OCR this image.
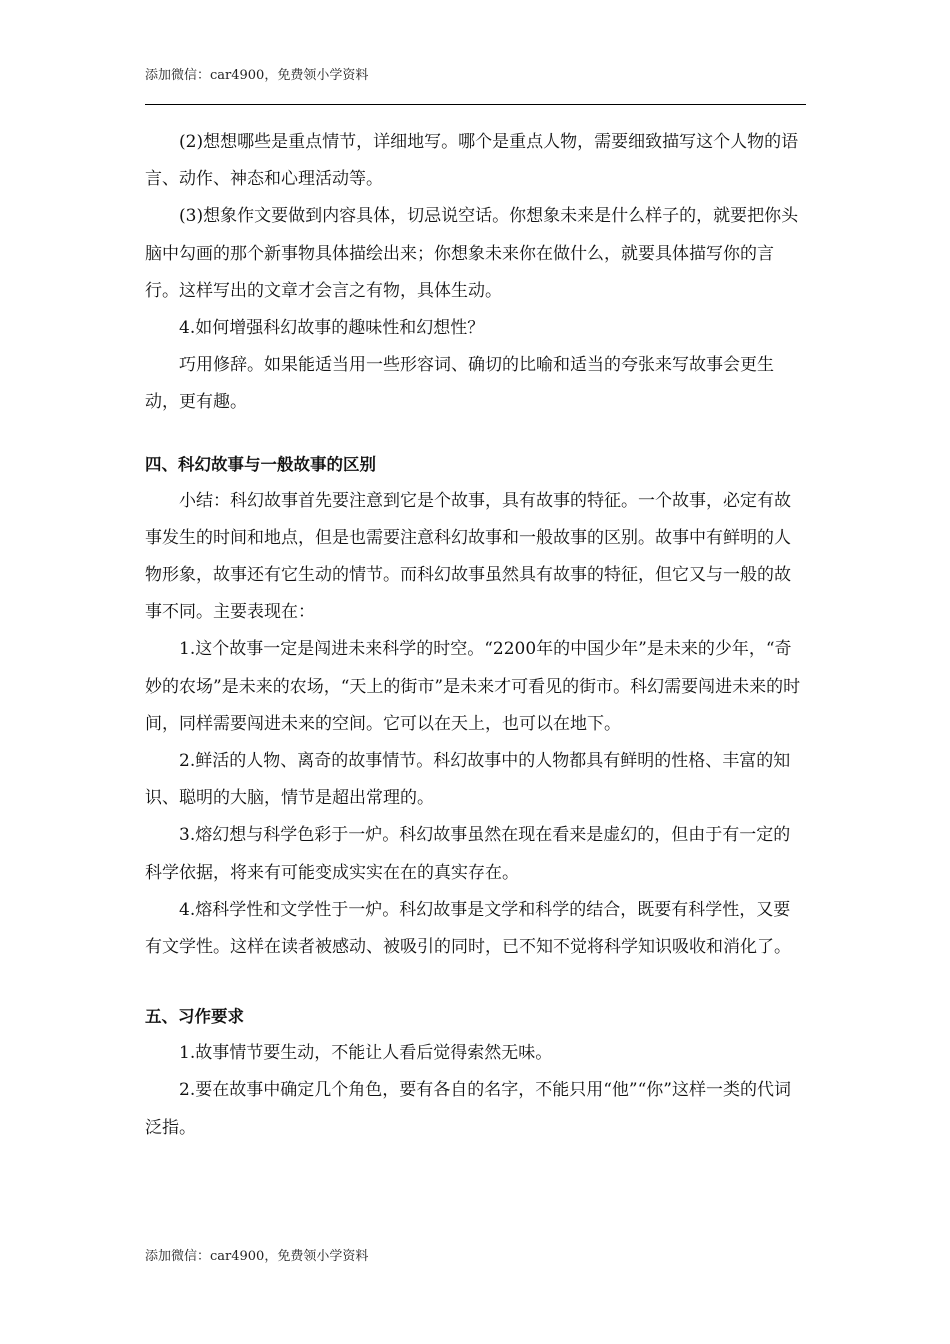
添加微信：car4900，免费领小学资料

(2)想想哪些是重点情节，详细地写。哪个是重点人物，需要细致描写这个人物的语言、动作、神态和心理活动等。

(3)想象作文要做到内容具体，切忌说空话。你想象未来是什么样子的，就要把你头脑中勾画的那个新事物具体描绘出来；你想象未来你在做什么，就要具体描写你的言行。这样写出的文章才会言之有物，具体生动。

4.如何增强科幻故事的趣味性和幻想性？

巧用修辞。如果能适当用一些形容词、确切的比喻和适当的夸张来写故事会更生动，更有趣。

四、科幻故事与一般故事的区别

小结：科幻故事首先要注意到它是个故事，具有故事的特征。一个故事，必定有故事发生的时间和地点，但是也需要注意科幻故事和一般故事的区别。故事中有鲜明的人物形象，故事还有它生动的情节。而科幻故事虽然具有故事的特征，但它又与一般的故事不同。主要表现在：

1.这个故事一定是闯进未来科学的时空。“2200年的中国少年”是未来的少年，“奇妙的农场”是未来的农场，“天上的街市”是未来才可看见的街市。科幻需要闯进未来的时间，同样需要闯进未来的空间。它可以在天上，也可以在地下。

2.鲜活的人物、离奇的故事情节。科幻故事中的人物都具有鲜明的性格、丰富的知识、聪明的大脑，情节是超出常理的。

3.熔幻想与科学色彩于一炉。科幻故事虽然在现在看来是虚幻的，但由于有一定的科学依据，将来有可能变成实实在在的真实存在。

4.熔科学性和文学性于一炉。科幻故事是文学和科学的结合，既要有科学性，又要有文学性。这样在读者被感动、被吸引的同时，已不知不觉将科学知识吸收和消化了。

五、习作要求

1.故事情节要生动，不能让人看后觉得索然无味。

2.要在故事中确定几个角色，要有各自的名字，不能只用“他”“你”这样一类的代词泛指。

添加微信：car4900，免费领小学资料
